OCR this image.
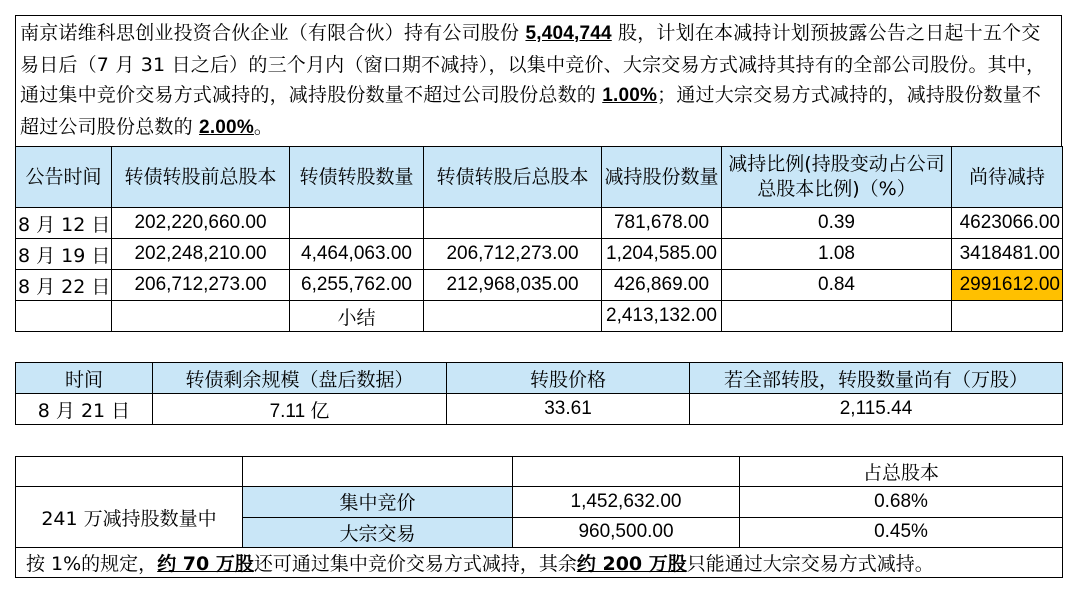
南京诺维科思创业投资合伙企业（有限合伙）持有公司股份 5,404,744 股，计划在本减持计划预披露公告之日起十五个交易日后（7 月 31 日之后）的三个月内（窗口期不减持），以集中竞价、大宗交易方式减持其持有的全部公司股份。其中，通过集中竞价交易方式减持的，减持股份数量不超过公司股份总数的 1.00%；通过大宗交易方式减持的，减持股份数量不超过公司股份总数的 2.00%。
公告时间	转债转股前总股本	转债转股数量	转债转股后总股本	减持股份数量	减持比例(持股变动占公司总股本比例)（%）	尚待减持
8 月 12 日	202,220,660.00			781,678.00	0.39	4623066.00
8 月 19 日	202,248,210.00	4,464,063.00	206,712,273.00	1,204,585.00	1.08	3418481.00
8 月 22 日	206,712,273.00	6,255,762.00	212,968,035.00	426,869.00	0.84	2991612.00
		小结		2,413,132.00		
时间	转债剩余规模（盘后数据）	转股价格	若全部转股，转股数量尚有（万股）
8 月 21 日	7.11 亿	33.61	2,115.44
			占总股本
241 万减持股数量中	集中竞价	1,452,632.00	0.68%
	大宗交易	960,500.00	0.45%
按 1%的规定，约 70 万股还可通过集中竞价交易方式减持，其余约 200 万股只能通过大宗交易方式减持。			
